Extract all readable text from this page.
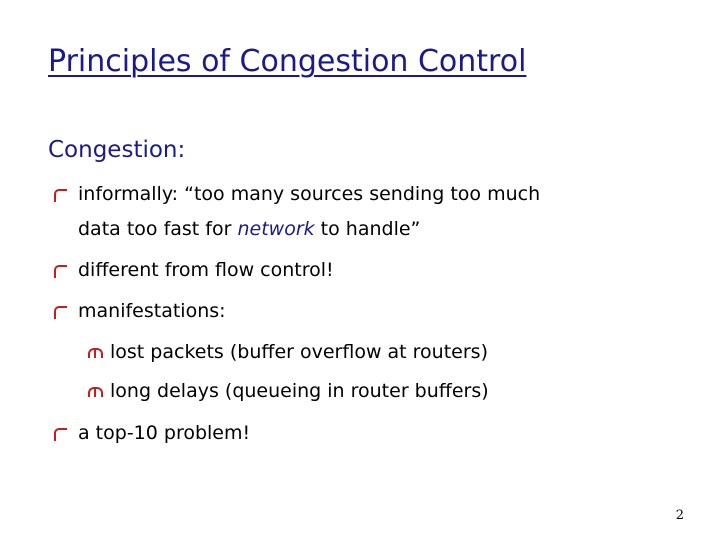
Principles of Congestion Control
Congestion:
informally: “too many sources sending too much
data too fast for network to handle”
different from flow control!
manifestations:
lost packets (buffer overflow at routers)
long delays (queueing in router buffers)
a top-10 problem!
2
